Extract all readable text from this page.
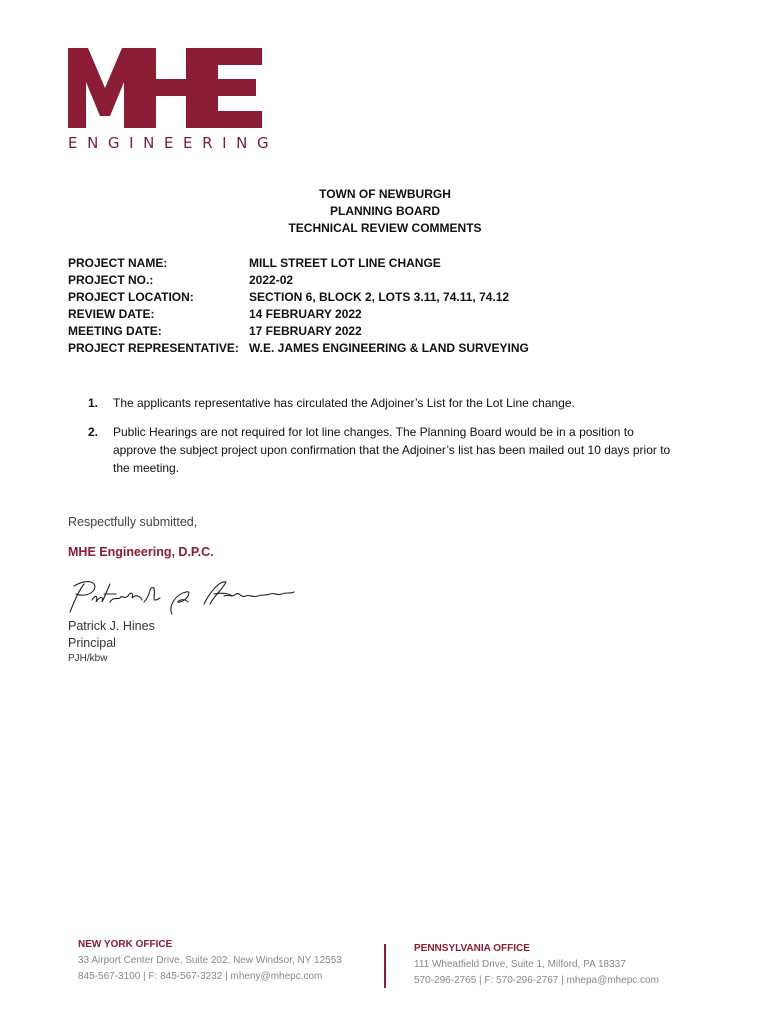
ENGINEERING
TOWN OF NEWBURGH
PLANNING BOARD
TECHNICAL REVIEW COMMENTS
PROJECT NAME:	MILL STREET LOT LINE CHANGE
PROJECT NO.:	2022-02
PROJECT LOCATION:	SECTION 6, BLOCK 2, LOTS 3.11, 74.11, 74.12
REVIEW DATE:	14 FEBRUARY 2022
MEETING DATE:	17 FEBRUARY 2022
PROJECT REPRESENTATIVE: W.E. JAMES ENGINEERING & LAND SURVEYING
1. The applicants representative has circulated the Adjoiner’s List for the Lot Line change.
2. Public Hearings are not required for lot line changes. The Planning Board would be in a position to approve the subject project upon confirmation that the Adjoiner’s list has been mailed out 10 days prior to the meeting.
Respectfully submitted,
MHE Engineering, D.P.C.
Patrick J. Hines
Principal
PJH/kbw
NEW YORK OFFICE
33 Airport Center Drive, Suite 202, New Windsor, NY 12553
845-567-3100 | F: 845-567-3232 | mheny@mhepc.com
PENNSYLVANIA OFFICE
111 Wheatfield Drive, Suite 1, Milford, PA 18337
570-296-2765 | F: 570-296-2767 | mhepa@mhepc.com
